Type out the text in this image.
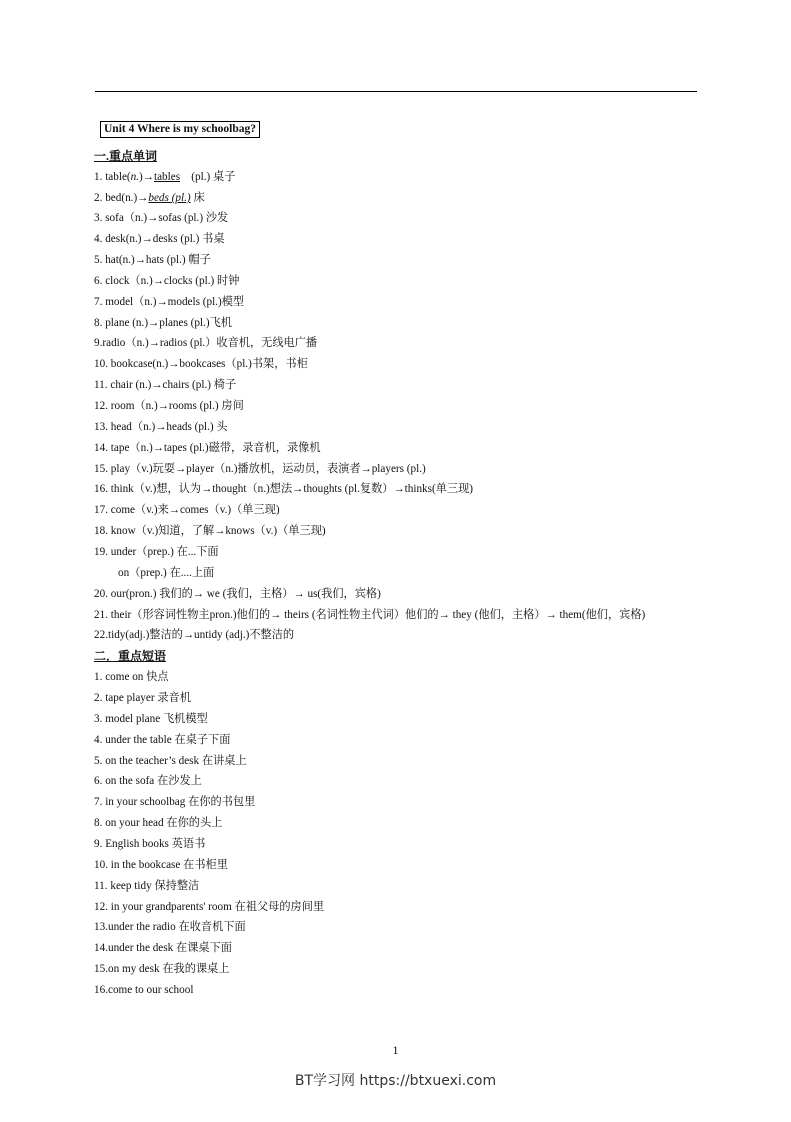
Unit 4 Where is my schoolbag?
一.重点单词
1. table(n.)→tables (pl.) 桌子
2. bed(n.)→beds (pl.) 床
3. sofa（n.)→sofas (pl.) 沙发
4. desk(n.)→desks (pl.) 书桌
5. hat(n.)→hats (pl.) 帽子
6. clock（n.)→clocks (pl.) 时钟
7. model（n.)→models (pl.)模型
8. plane (n.)→planes (pl.)飞机
9.radio（n.)→radios (pl.）收音机，无线电广播
10. bookcase(n.)→bookcases（pl.)书架，书柜
11. chair (n.)→chairs (pl.) 椅子
12. room（n.)→rooms (pl.) 房间
13. head（n.)→heads (pl.) 头
14. tape（n.)→tapes (pl.)磁带，录音机，录像机
15. play（v.)玩耍→player（n.)播放机，运动员，表演者→players (pl.)
16. think（v.)想，认为→thought（n.)想法→thoughts (pl.复数）→thinks(单三现)
17. come（v.)来→comes（v.)（单三现)
18. know（v.)知道，了解→knows（v.)（单三现)
19. under（prep.) 在...下面
on（prep.) 在....上面
20. our(pron.) 我们的→ we (我们，主格）→ us(我们，宾格)
21. their（形容词性物主pron.)他们的→ theirs (名词性物主代词）他们的→ they (他们，主格）→ them(他们，宾格)
22.tidy(adj.)整洁的→untidy (adj.)不整洁的
二．重点短语
1. come on 快点
2. tape player 录音机
3. model plane 飞机模型
4. under the table 在桌子下面
5. on the teacher’s desk 在讲桌上
6. on the sofa 在沙发上
7. in your schoolbag 在你的书包里
8. on your head 在你的头上
9. English books 英语书
10. in the bookcase 在书柜里
11. keep tidy 保持整洁
12. in your grandparents' room 在祖父母的房间里
13.under the radio 在收音机下面
14.under the desk 在课桌下面
15.on my desk 在我的课桌上
16.come to our school
1
BT学习网 https://btxuexi.com
